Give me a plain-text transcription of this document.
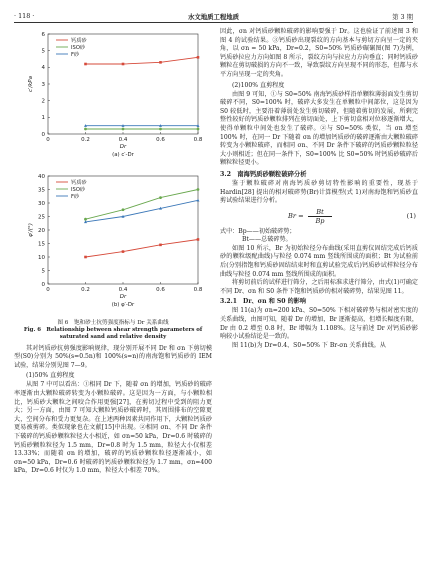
· 118 ·	水文地质工程地质	第 3 期
0
1
2
3
4
5
6
0	0.2	0.4	0.6	0.8
Dr
c′/kPa
(a) c′-Dr
钙质砂
ISO砂
F砂
0
5
10
15
20
25
30
35
40
0	0.2	0.4	0.6	0.8
Dr
φ′/(°)
(b) φ′-Dr
钙质砂
ISO砂
F砂
图 6　饱和砂土抗剪强度指标与 Dr 关系曲线
Fig. 6　Relationship between shear strength parameters of
saturated sand and relative density

其对钙质砂抗剪强度影响规律，现分别开展不同 Dr 和 σn 下剪切模型(S0)分别为 50%(s=0.5n)和 100%(s=n)的南海饱和钙质砂的 IEM 试验，结果分别见图 7—9。

(1)50% 直剪程度

从图 7 中可以看出：①相同 Dr 下，随着 σn 的增加，钙质砂的破碎率逐渐由大颗粒破碎转变为小颗粒破碎。这是因为一方面，与小颗粒相比，钙质砂大颗粒之间咬合作用更强[27]，在剪切过程中受到的阻力更大；另一方面，由图 7 可知大颗粒钙质砂破碎时，其周围排布的空隙更大，空间分布和受力更复杂。在上述两种因素共同作用下，大颗粒钙质砂更易被剪碎。类似现象也在文献[15]中出现。②相同 σn、不同 Dr 条件下破碎的钙质砂颗粒粒径大小相近，如 σn=50 kPa，Dr=0.6 时破碎的钙质砂颗粒粒径为 1.5 mm，Dr=0.8 时为 1.5 mm，粒径大小仅相差 13.33%；而随着 σn 的增加，破碎的钙质砂颗粒粒径逐渐减小，如 σn=50 kPa，Dr=0.6 时破碎的钙质砂颗粒粒径为 1.7 mm，σn=400 kPa，Dr=0.6 时仅为 1.0 mm，粒径大小相差 70%。

因此，σn 对钙质砂颗粒破碎的影响要强于 Dr。这也验证了前述图 3 和图 4 的试验结果。③钙质砂出现裂纹的方向基本与剪切方向呈一定的夹角，以 σn = 50 kPa，Dr=0.2，S0=50% 钙质砂碾碾图(图 7)为例，钙质砂拉应力方向如图 8 所示，裂纹方向与拉应力方向垂直；同时钙质砂颗粒在剪切破损的方向不一致，导致裂纹方向呈现不同的形态，但都与水平方向呈现一定的夹角。

(2)100% 直剪程度

由图 9 可知，①与 S0=50% 南海钙质砂样沿单颗粒薄弱面发生剪切破碎不同，S0=100% 时，破碎大多发生在单颗粒中间部位，这是因为 S0 较低时，主要沿着薄弱处发生剪切破碎，但随着剪切的发展，所剩完整性较好的钙质砂颗粒排列在剪切面处，上下剪切盒相对位移逐渐增大，使得单颗粒中间处也发生了破碎。②与 S0=50% 类似，当 σn 增至 100% 时，在同一 Dr 下随着 σn 的增加钙质砂的破碎逐渐由大颗粒破碎转变为小颗粒破碎，而相同 σn、不同 Dr 条件下破碎的钙质砂颗粒粒径大小则相近；但在同一条件下，S0=100% 比 S0=50% 时钙质砂破碎后颗粒粒径更小。

3.2　南海钙质砂颗粒破碎分析

鉴于颗粒破碎对南海钙质砂剪切特性影响的重要性，现基于 Hardin[28] 提出的相对破碎势(Br)计算模型(式 1)对南海饱和钙质砂直剪试验结果进行分析。

$Br = \frac{Bt}{Bp}$	(1)

式中：Bp——初始破碎势；

Bt——总破碎势。

如图 10 所示，Br 为初始粒径分布曲线(采用直剪仪固结完成后钙质砂的颗粒级配曲线)与粒径 0.074 mm 竖线所围成的面积；Bt 为试验前后(分别指饱和钙质砂固结结束时和直剪试验完成后)钙质砂试样粒径分布曲线与粒径 0.074 mm 竖线所围成的面积。

将剪切前后的试样进行筛分，之后用标准求进行筛分，由式(1)可确定不同 Dr、σn 和 S0 条件下饱和钙质砂的相对破碎势，结果见图 11。

3.2.1　Dr、σn 和 S0 的影响

图 11(a)为 σn=200 kPa、S0=50% 下相对破碎势与相对密实度的关系曲线，由图可知，随着 Dr 的增加，Br 逐渐提高，但增长幅度有限，Dr 由 0.2 增至 0.8 时，Br 增幅为 1.108%。这与前述 Dr 对钙质砂影响较小试验结论是一致的。

图 11(b)为 Dr=0.4、S0=50% 下 Br-σn 关系曲线。从
